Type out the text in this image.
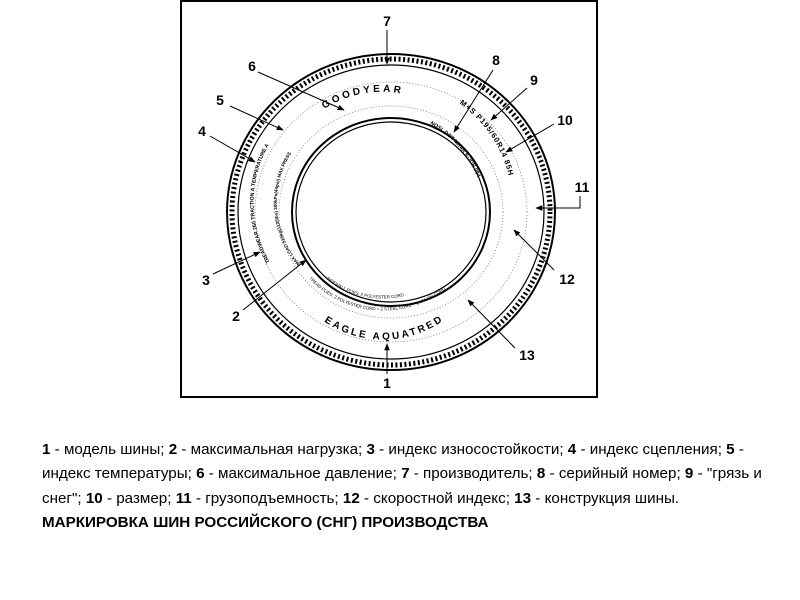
GOODYEAR
EAGLE AQUATRED
TREADWEAR 260 TRACTION A TEMPERATURE A
MAX LOAD 515kg(1135lbs) 300kPa(44psi) MAX PRESS
NOSL DOT MK4A A-JDR 094
M+S P195/60R14 85H
TREAD PLIES: 2 POLYESTER CORD + 2 STEEL CORD + 1 NYLON CORD
SIDEWALL PLIES: 2 POLYESTER CORD
7
6
5
4
3
2
1
8
9
10
11
12
13
1 - модель шины; 2 - максимальная нагрузка; 3 - индекс износостойкости; 4 - индекс сцепления; 5 - индекс температуры; 6 - максимальное давление; 7 - производитель; 8 - серийный номер; 9 - "грязь и снег"; 10 - размер; 11 - грузоподъемность; 12 - скоростной индекс; 13 - конструкция шины.
МАРКИРОВКА ШИН РОССИЙСКОГО (СНГ) ПРОИЗВОДСТВА
